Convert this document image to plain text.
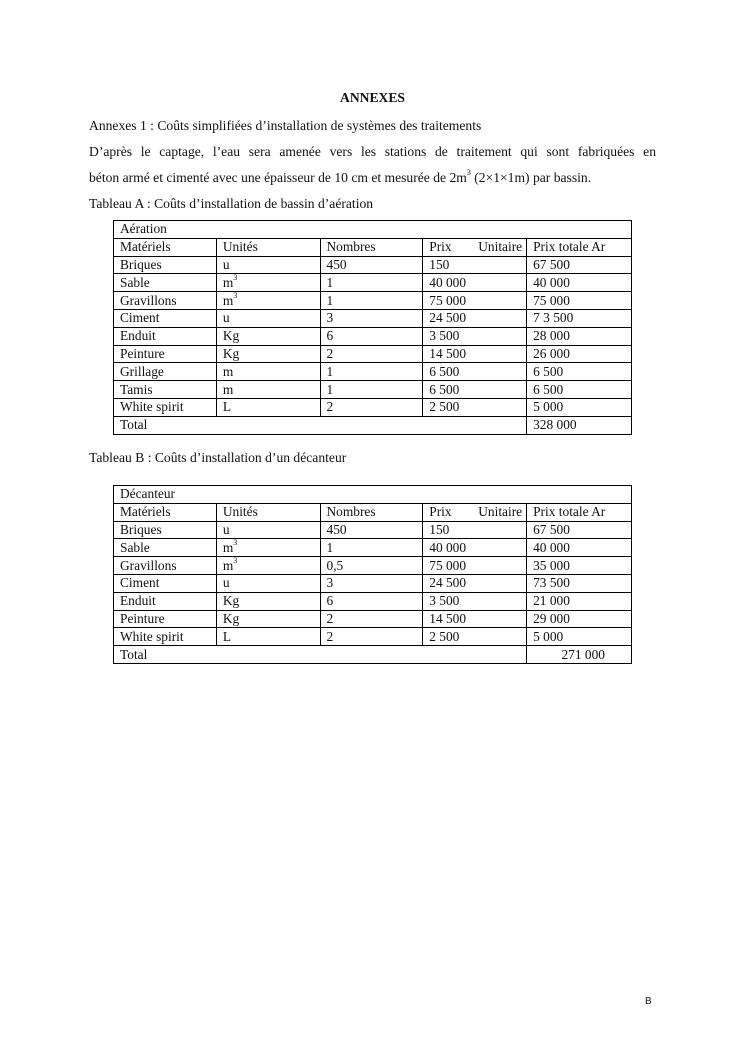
ANNEXES
Annexes 1 : Coûts simplifiées d’installation de systèmes des traitements
D’après le captage, l’eau sera amenée vers les stations de traitement qui sont fabriquées en
béton armé et cimenté avec une épaisseur de 10 cm et mesurée de $2m^3$ (2×1×1m) par bassin.
Tableau A : Coûts d’installation de bassin d’aération
Aération				
Matériels	Unités	Nombres	Prix Unitaire	Prix totale Ar
Briques	u	450	150	67 500
Sable	$m^3$	1	40 000	40 000
Gravillons	$m^3$	1	75 000	75 000
Ciment	u	3	24 500	7 3 500
Enduit	Kg	6	3 500	28 000
Peinture	Kg	2	14 500	26 000
Grillage	m	1	6 500	6 500
Tamis	m	1	6 500	6 500
White spirit	L	2	2 500	5 000
Total				328 000
Tableau B : Coûts d’installation d’un décanteur
Décanteur				
Matériels	Unités	Nombres	Prix Unitaire	Prix totale Ar
Briques	u	450	150	67 500
Sable	$m^3$	1	40 000	40 000
Gravillons	$m^3$	0,5	75 000	35 000
Ciment	u	3	24 500	73 500
Enduit	Kg	6	3 500	21 000
Peinture	Kg	2	14 500	29 000
White spirit	L	2	2 500	5 000
Total				271 000
B
